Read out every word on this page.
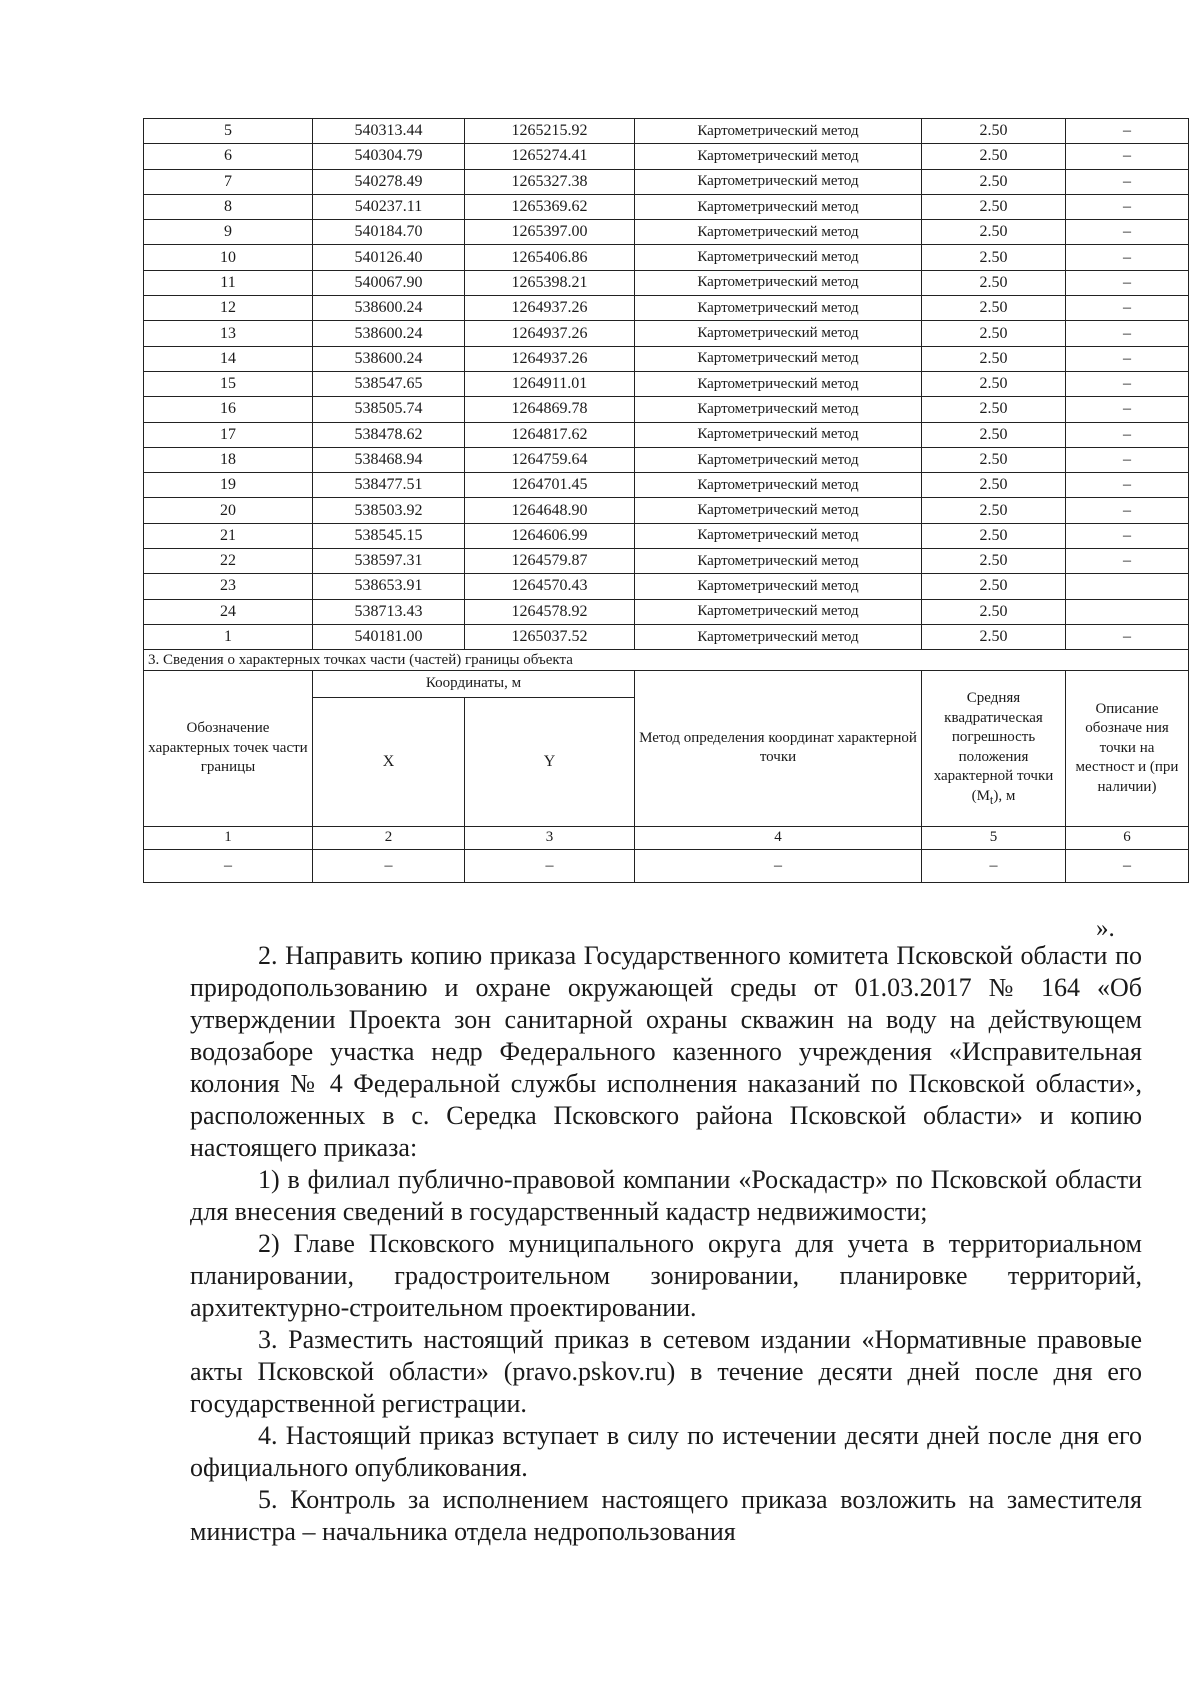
5	540313.44	1265215.92	Картометрический метод	2.50	–
6	540304.79	1265274.41	Картометрический метод	2.50	–
7	540278.49	1265327.38	Картометрический метод	2.50	–
8	540237.11	1265369.62	Картометрический метод	2.50	–
9	540184.70	1265397.00	Картометрический метод	2.50	–
10	540126.40	1265406.86	Картометрический метод	2.50	–
11	540067.90	1265398.21	Картометрический метод	2.50	–
12	538600.24	1264937.26	Картометрический метод	2.50	–
13	538600.24	1264937.26	Картометрический метод	2.50	–
14	538600.24	1264937.26	Картометрический метод	2.50	–
15	538547.65	1264911.01	Картометрический метод	2.50	–
16	538505.74	1264869.78	Картометрический метод	2.50	–
17	538478.62	1264817.62	Картометрический метод	2.50	–
18	538468.94	1264759.64	Картометрический метод	2.50	–
19	538477.51	1264701.45	Картометрический метод	2.50	–
20	538503.92	1264648.90	Картометрический метод	2.50	–
21	538545.15	1264606.99	Картометрический метод	2.50	–
22	538597.31	1264579.87	Картометрический метод	2.50	–
23	538653.91	1264570.43	Картометрический метод	2.50	
24	538713.43	1264578.92	Картометрический метод	2.50	
1	540181.00	1265037.52	Картометрический метод	2.50	–
3. Сведения о характерных точках части (частей) границы объекта					
Обозначение характерных точек части границы	Координаты, м		Метод определения координат характерной точки	Средняя квадратическая погрешность положения характерной точки $(M_t)$, м	Описание обозначе ния точки на местност и (при наличии)
	X	Y			
1	2	3	4	5	6
–	–	–	–	–	–
».

2. Направить копию приказа Государственного комитета Псковской области по природопользованию и охране окружающей среды от 01.03.2017 № 164 «Об утверждении Проекта зон санитарной охраны скважин на воду на действующем водозаборе участка недр Федерального казенного учреждения «Исправительная колония № 4 Федеральной службы исполнения наказаний по Псковской области», расположенных в с. Середка Псковского района Псковской области» и копию настоящего приказа:

1) в филиал публично-правовой компании «Роскадастр» по Псковской области для внесения сведений в государственный кадастр недвижимости;

2) Главе Псковского муниципального округа для учета в территориальном планировании, градостроительном зонировании, планировке территорий, архитектурно-строительном проектировании.

3. Разместить настоящий приказ в сетевом издании «Нормативные правовые акты Псковской области» (pravo.pskov.ru) в течение десяти дней после дня его государственной регистрации.

4. Настоящий приказ вступает в силу по истечении десяти дней после дня его официального опубликования.

5. Контроль за исполнением настоящего приказа возложить на заместителя министра – начальника отдела недропользования
